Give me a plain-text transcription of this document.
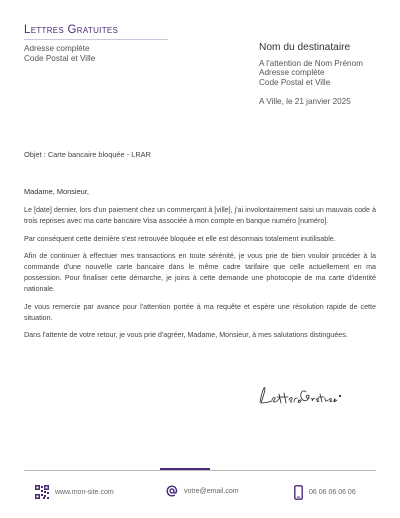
Lettres Gratuites
Adresse complète
Code Postal et Ville
Nom du destinataire
A l'attention de Nom Prénom
Adresse complète
Code Postal et Ville
A Ville, le 21 janvier 2025
Objet : Carte bancaire bloquée - LRAR
Madame, Monsieur,

Le [date] dernier, lors d'un paiement chez un commerçant à [ville], j'ai involontairement saisi un mauvais code à trois reprises avec ma carte bancaire Visa associée à mon compte en banque numéro [numéro].

Par conséquent cette dernière s'est retrouvée bloquée et elle est désormais totalement inutilisable.

Afin de continuer à effectuer mes transactions en toute sérénité, je vous prie de bien vouloir procéder à la commande d'une nouvelle carte bancaire dans le même cadre tarifaire que celle actuellement en ma possession. Pour finaliser cette démarche, je joins à cette demande une photocopie de ma carte d'identité nationale.

Je vous remercie par avance pour l'attention portée à ma requête et espère une résolution rapide de cette situation.

Dans l'attente de votre retour, je vous prie d'agréer, Madame, Monsieur, à mes salutations distinguées.

www.mon-site.com	votre@email.com	06 06 06 06 06
